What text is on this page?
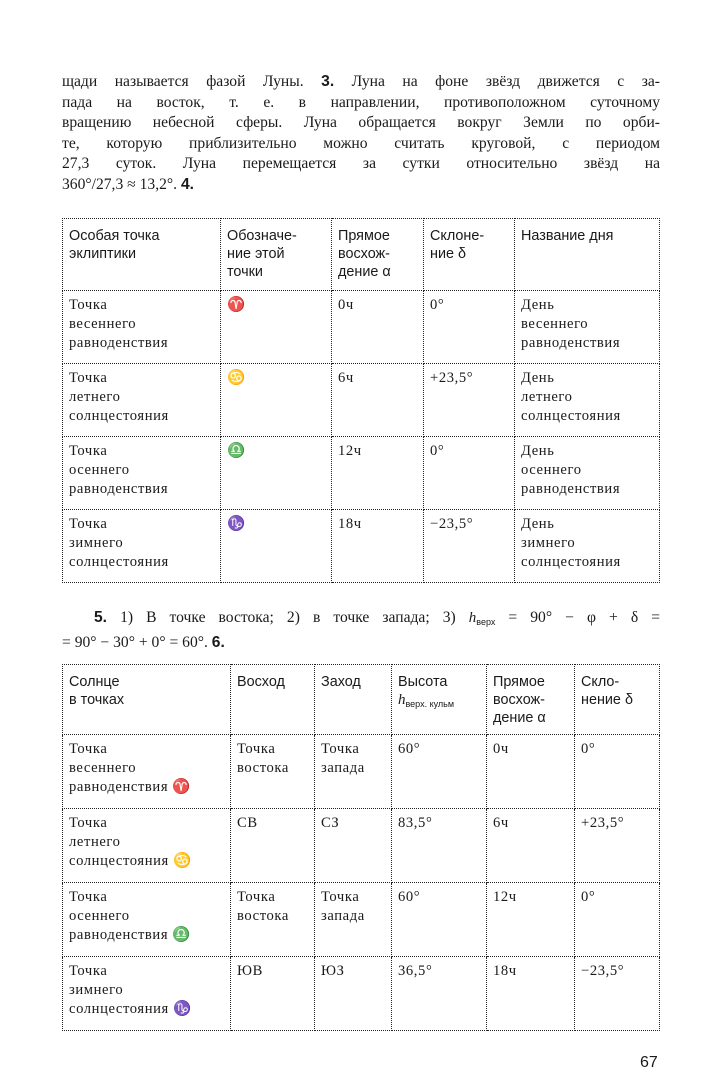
щади называется фазой Луны. 3. Луна на фоне звёзд движется с за-
пада на восток, т. е. в направлении, противоположном суточному
вращению небесной сферы. Луна обращается вокруг Земли по орби-
те, которую приблизительно можно считать круговой, с периодом
27,3 суток. Луна перемещается за сутки относительно звёзд на
360°/27,3 ≈ 13,2°. 4.
Особая точка
эклиптики	Обозначе-
ние этой
точки	Прямое
восхож-
дение α	Склоне-
ние δ	Название дня

Точка
весеннего
равноденствия	♈	0ч	0°	День
весеннего
равноденствия

Точка
летнего
солнцестояния	♋	6ч	+23,5°	День
летнего
солнцестояния

Точка
осеннего
равноденствия	♎	12ч	0°	День
осеннего
равноденствия

Точка
зимнего
солнцестояния	♑	18ч	−23,5°	День
зимнего
солнцестояния
5. 1) В точке востока; 2) в точке запада; 3) $h_{верх} = 90^\circ - \varphi + \delta$ =
= 90° − 30° + 0° = 60°. 6.
Солнце
в точках	Восход	Заход	Высота
$h_{верх. кульм}$	Прямое
восхож-
дение α	Скло-
нение δ

Точка
весеннего
равноденствия ♈	Точка
востока	Точка
запада	60°	0ч	0°

Точка
летнего
солнцестояния ♋	СВ	СЗ	83,5°	6ч	+23,5°

Точка
осеннего
равноденствия ♎	Точка
востока	Точка
запада	60°	12ч	0°

Точка
зимнего
солнцестояния ♑	ЮВ	ЮЗ	36,5°	18ч	−23,5°
67
